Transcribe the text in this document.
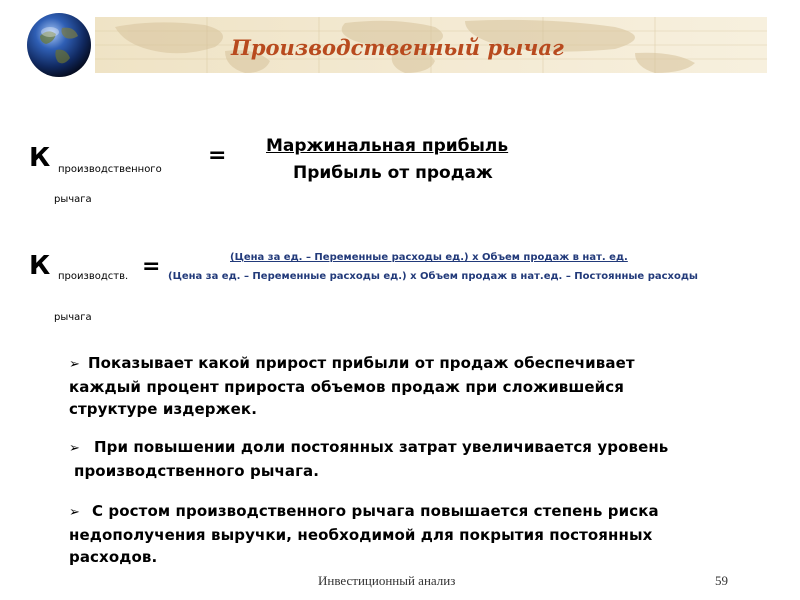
Производственный рычаг
К производственного
= Маржинальная прибыль
Прибыль от продаж
рычага
К производств. =	(Цена за ед. – Переменные расходы ед.) х Объем продаж в нат. ед.
(Цена за ед. – Переменные расходы ед.) х Объем продаж в нат.ед. – Постоянные расходы
рычага
➢ Показывает какой прирост прибыли от продаж обеспечивает
каждый процент прироста объемов продаж при сложившейся
структуре издержек.
➢ При повышении доли постоянных затрат увеличивается уровень
производственного рычага.
➢ С ростом производственного рычага повышается степень риска
недополучения выручки, необходимой для покрытия постоянных
расходов.
Инвестиционный анализ	59
